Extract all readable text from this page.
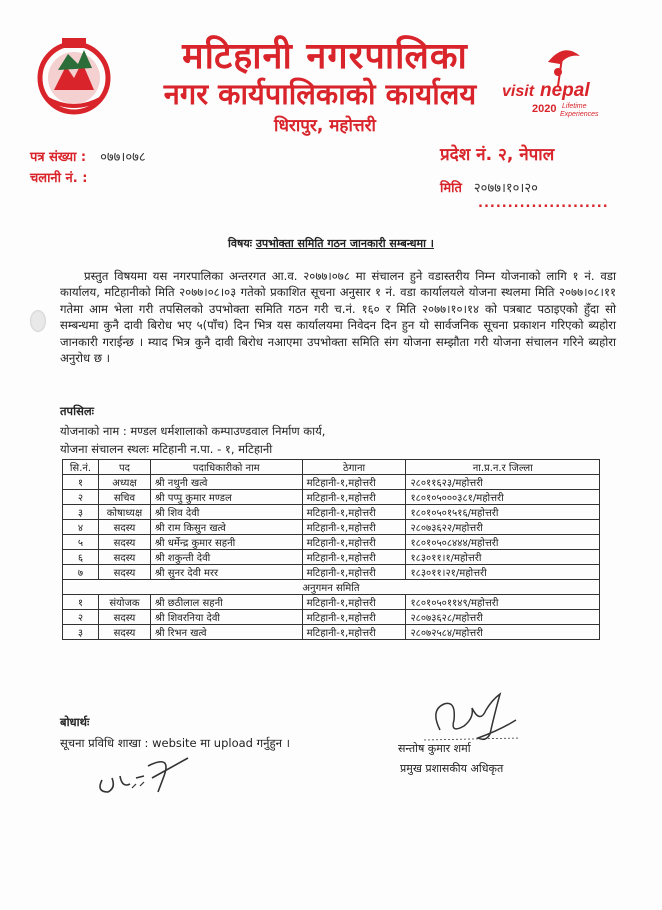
मटिहानी नगरपालिका
नगर कार्यपालिकाको कार्यालय
धिरापुर, महोत्तरी
visit nepal
2020 Lifetime
Experiences
पत्र संख्या : ०७७।०७८
चलानी नं. :
प्रदेश नं. २, नेपाल
मिति २०७७।१०।२०
......................
विषयः उपभोक्ता समिति गठन जानकारी सम्बन्धमा ।

प्रस्तुत विषयमा यस नगरपालिका अन्तरगत आ.व. २०७७।०७८ मा संचालन हुने वडास्तरीय निम्न योजनाको लागि १ नं. वडा कार्यालय, मटिहानीको मिति २०७७।०८।०३ गतेको प्रकाशित सूचना अनुसार १ नं. वडा कार्यालयले योजना स्थलमा मिति २०७७।०८।११ गतेमा आम भेला गरी तपसिलको उपभोक्ता समिति गठन गरी च.नं. १६० र मिति २०७७।१०।१४ को पत्रबाट पठाइएकोे हुँदा सो सम्बन्धमा कुनै दावी बिरोध भए ५(पाँच) दिन भित्र यस कार्यालयमा निवेदन दिन हुन यो सार्वजनिक सूचना प्रकाशन गरिएको ब्यहोरा जानकारी गराईन्छ । म्याद भित्र कुनै दावी बिरोध नआएमा उपभोक्ता समिति संग योजना सम्झौता गरी योजना संचालन गरिने ब्यहोरा अनुरोध छ ।

तपसिलः
योजनाको नाम : मण्डल धर्मशालाको कम्पाउण्डवाल निर्माण कार्य,
योजना संचालन स्थलः मटिहानी न.पा. - १, मटिहानी
सि.नं.	पद	पदाधिकारीको नाम	ठेगाना	ना.प्र.न.र जिल्ला
१	अध्यक्ष	श्री नथुनी खत्वे	मटिहानी-१,महोत्तरी	२८०११६२३/महोत्तरी
२	सचिव	श्री पप्पु कुमार मण्डल	मटिहानी-१,महोत्तरी	१८०१०५०००३८१/महोत्तरी
३	कोषाध्यक्ष	श्री शिव देवी	मटिहानी-१,महोत्तरी	१८०१०५०१५१६/महोत्तरी
४	सदस्य	श्री राम किसुन खत्वे	मटिहानी-१,महोत्तरी	२८०७३६२२/महोत्तरी
५	सदस्य	श्री धर्मेन्द्र कुमार सहनी	मटिहानी-१,महोत्तरी	१८०१०५०८४४४/महोत्तरी
६	सदस्य	श्री शकुन्ती देवी	मटिहानी-१,महोत्तरी	१८३०११।१/महोत्तरी
७	सदस्य	श्री सुनर देवी मरर	मटिहानी-१,महोत्तरी	१८३०११।२१/महोत्तरी
अनुगमन समिति				
१	संयोजक	श्री छठीलाल सहनी	मटिहानी-१,महोत्तरी	१८०१०५०११४९/महोत्तरी
२	सदस्य	श्री शिवरनिया देवी	मटिहानी-१,महोत्तरी	२८०७३६२८/महोत्तरी
३	सदस्य	श्री रिभन खत्वे	मटिहानी-१,महोत्तरी	२८०७२५८४/महोत्तरी
बोधार्थः
सूचना प्रविधि शाखा : website मा upload गर्नुहुन ।	सन्तोष कुमार शर्मा
प्रमुख प्रशासकीय अधिकृत
